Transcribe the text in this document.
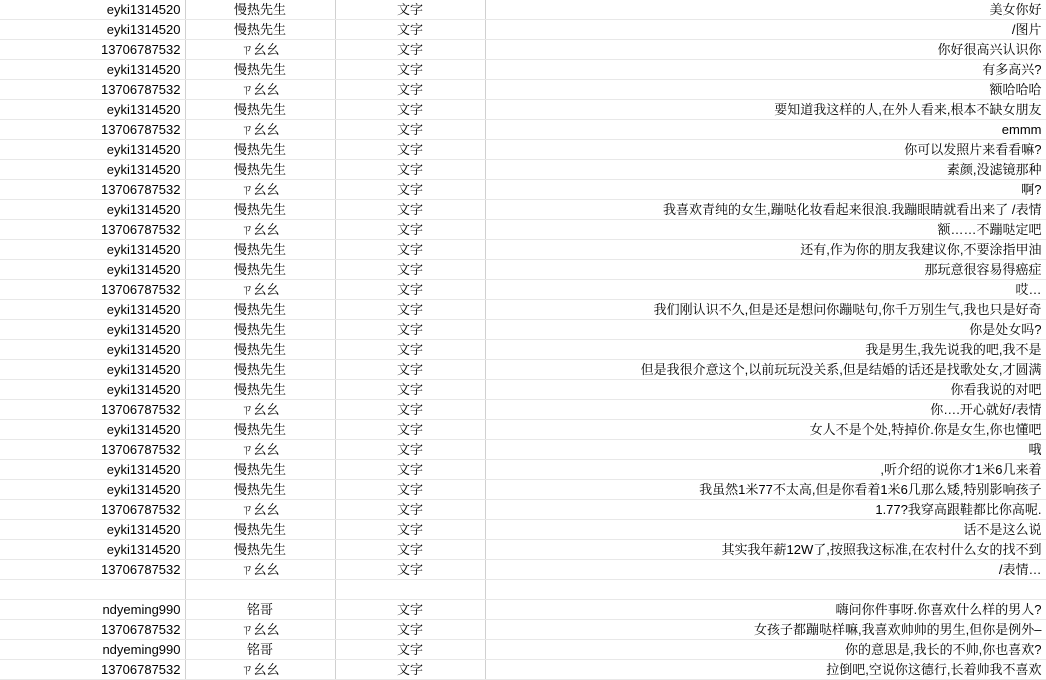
eyki1314520	慢热先生	文字	美女你好
eyki1314520	慢热先生	文字	/图片
13706787532	ㄗ幺幺	文字	你好很高兴认识你
eyki1314520	慢热先生	文字	有多高兴?
13706787532	ㄗ幺幺	文字	额哈哈哈
eyki1314520	慢热先生	文字	要知道我这样的人,在外人看来,根本不缺女朋友
13706787532	ㄗ幺幺	文字	emmm
eyki1314520	慢热先生	文字	你可以发照片来看看嘛?
eyki1314520	慢热先生	文字	素颜,没滤镜那种
13706787532	ㄗ幺幺	文字	啊?
eyki1314520	慢热先生	文字	我喜欢青纯的女生,蹦哒化妆看起来很浪.我蹦眼睛就看出来了 /表情
13706787532	ㄗ幺幺	文字	额……不蹦哒定吧
eyki1314520	慢热先生	文字	还有,作为你的朋友我建议你,不要涂指甲油
eyki1314520	慢热先生	文字	那玩意很容易得癌症
13706787532	ㄗ幺幺	文字	哎…
eyki1314520	慢热先生	文字	我们刚认识不久,但是还是想问你蹦哒句,你千万别生气,我也只是好奇
eyki1314520	慢热先生	文字	你是处女吗?
eyki1314520	慢热先生	文字	我是男生,我先说我的吧,我不是
eyki1314520	慢热先生	文字	但是我很介意这个,以前玩玩没关系,但是结婚的话还是找歌处女,才圆满
eyki1314520	慢热先生	文字	你看我说的对吧
13706787532	ㄗ幺幺	文字	你….开心就好/表情
eyki1314520	慢热先生	文字	女人不是个处,特掉价.你是女生,你也懂吧
13706787532	ㄗ幺幺	文字	哦
eyki1314520	慢热先生	文字	,听介绍的说你才1米6几来着
eyki1314520	慢热先生	文字	我虽然1米77不太高,但是你看着1米6几那么矮,特别影响孩子
13706787532	ㄗ幺幺	文字	1.77?我穿高跟鞋都比你高呢.
eyki1314520	慢热先生	文字	话不是这么说
eyki1314520	慢热先生	文字	其实我年薪12W了,按照我这标准,在农村什么女的找不到
13706787532	ㄗ幺幺	文字	/表情…

ndyeming990	铭哥	文字	嗨问你件事呀.你喜欢什么样的男人?
13706787532	ㄗ幺幺	文字	女孩子都蹦哒样嘛,我喜欢帅帅的男生,但你是例外–
ndyeming990	铭哥	文字	你的意思是,我长的不帅,你也喜欢?
13706787532	ㄗ幺幺	文字	拉倒吧,空说你这德行,长着帅我不喜欢
